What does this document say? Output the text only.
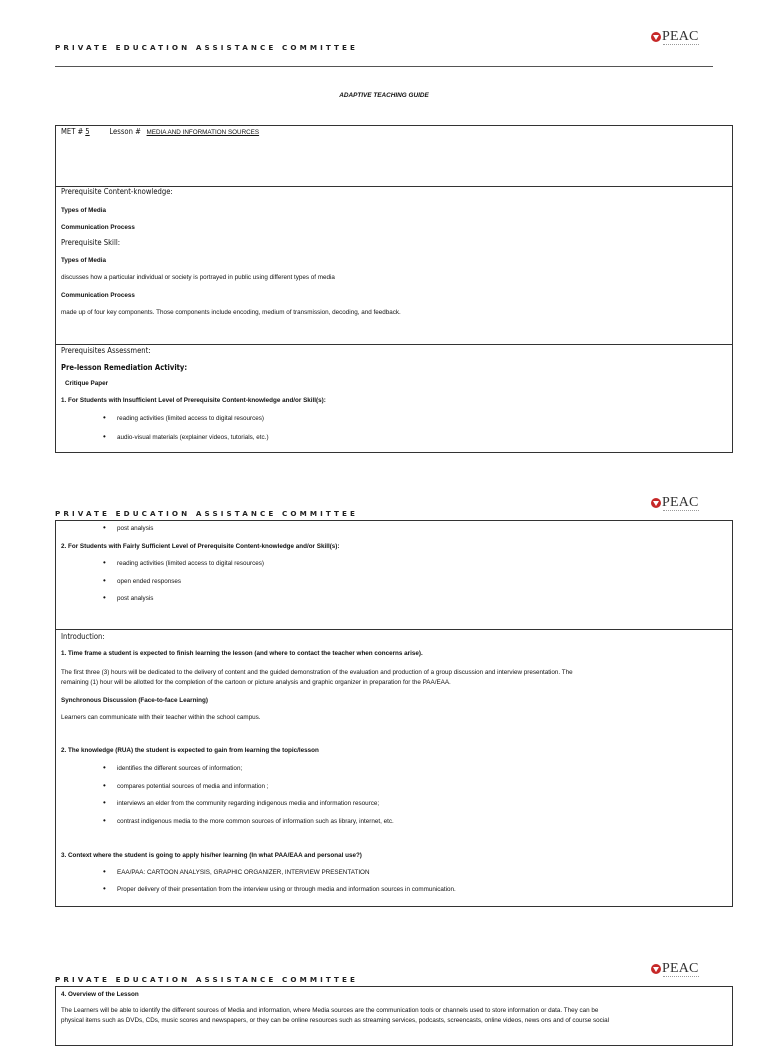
PRIVATE EDUCATION ASSISTANCE COMMITTEE
PEAC
ADAPTIVE TEACHING GUIDE
MET # 5	Lesson # MEDIA AND INFORMATION SOURCES
Prerequisite Content-knowledge:
Types of Media
Communication Process
Prerequisite Skill:
Types of Media
discusses how a particular individual or society is portrayed in public using different types of media
Communication Process
made up of four key components. Those components include encoding, medium of transmission, decoding, and feedback.
Prerequisites Assessment:
Pre-lesson Remediation Activity:
Critique Paper
1. For Students with Insufficient Level of Prerequisite Content-knowledge and/or Skill(s):
• reading activities (limited access to digital resources)
• audio-visual materials (explainer videos, tutorials, etc.)
PRIVATE EDUCATION ASSISTANCE COMMITTEE
PEAC
• post analysis
2. For Students with Fairly Sufficient Level of Prerequisite Content-knowledge and/or Skill(s):
• reading activities (limited access to digital resources)
• open ended responses
• post analysis
Introduction:
1. Time frame a student is expected to finish learning the lesson (and where to contact the teacher when concerns arise).
The first three (3) hours will be dedicated to the delivery of content and the guided demonstration of the evaluation and production of a group discussion and interview presentation. The
remaining (1) hour will be allotted for the completion of the cartoon or picture analysis and graphic organizer in preparation for the PAA/EAA.
Synchronous Discussion (Face-to-face Learning)
Learners can communicate with their teacher within the school campus.
2. The knowledge (RUA) the student is expected to gain from learning the topic/lesson
• identifies the different sources of information;
• compares potential sources of media and information ;
• interviews an elder from the community regarding indigenous media and information resource;
• contrast indigenous media to the more common sources of information such as library, internet, etc.
3. Context where the student is going to apply his/her learning (In what PAA/EAA and personal use?)
• EAA/PAA: CARTOON ANALYSIS, GRAPHIC ORGANIZER, INTERVIEW PRESENTATION
• Proper delivery of their presentation from the interview using or through media and information sources in communication.
PRIVATE EDUCATION ASSISTANCE COMMITTEE
PEAC
4. Overview of the Lesson
The Learners will be able to identify the different sources of Media and information, where Media sources are the communication tools or channels used to store information or data. They can be
physical items such as DVDs, CDs, music scores and newspapers, or they can be online resources such as streaming services, podcasts, screencasts, online videos, news ons and of course social
